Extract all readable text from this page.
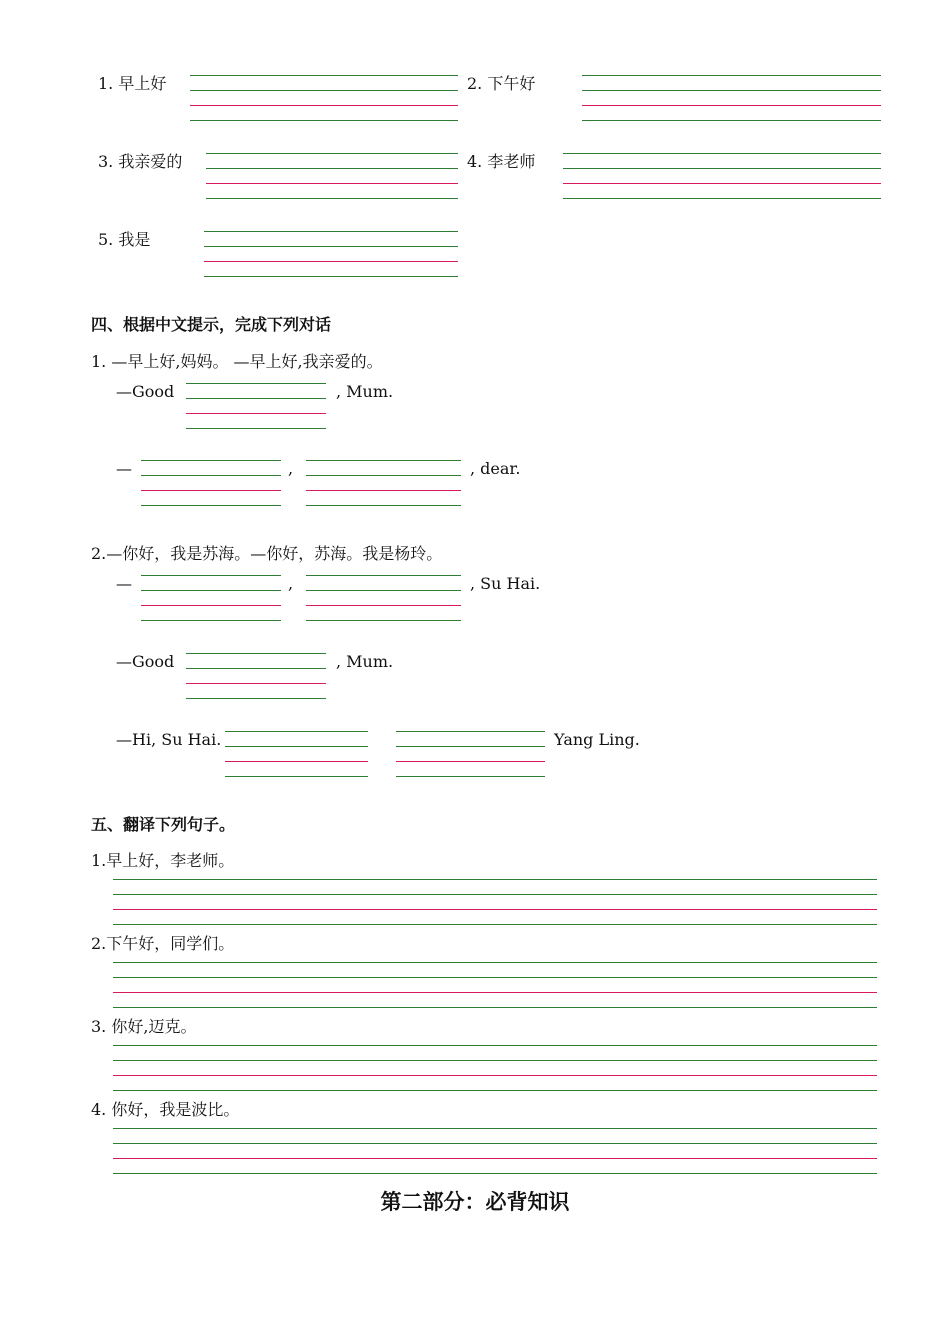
1. 早上好	2. 下午好
3. 我亲爱的	4. 李老师
5. 我是
四、根据中文提示，完成下列对话
1. —早上好,妈妈。 —早上好,我亲爱的。
—Good	, Mum.
—	,	, dear.
2.—你好，我是苏海。—你好，苏海。我是杨玲。
—	,	, Su Hai.
—Good	, Mum.
—Hi, Su Hai.	Yang Ling.
五、翻译下列句子。
1.早上好，李老师。
2.下午好，同学们。
3. 你好,迈克。
4. 你好，我是波比。
第二部分：必背知识
